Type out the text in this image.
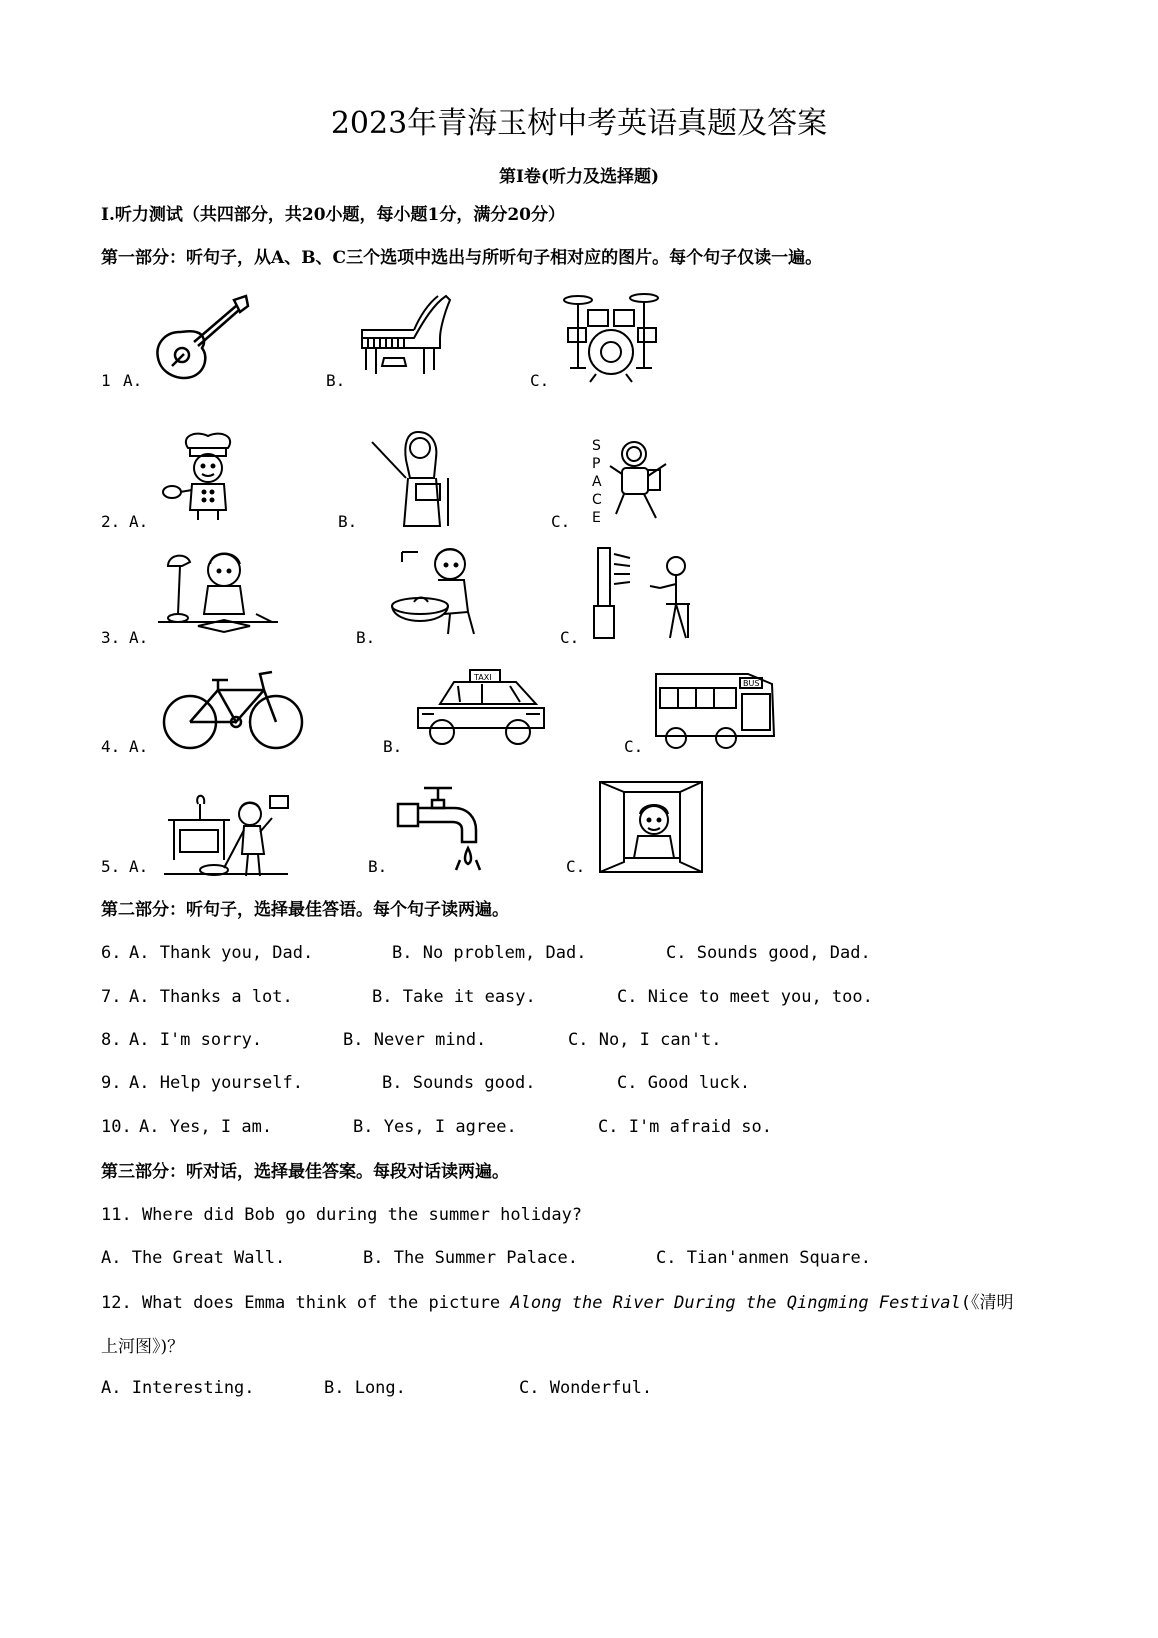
2023年青海玉树中考英语真题及答案
第Ⅰ卷(听力及选择题)
I.听力测试（共四部分，共20小题，每小题1分，满分20分）
第一部分：听句子，从A、B、C三个选项中选出与所听句子相对应的图片。每个句子仅读一遍。
1 A.	B.	C.
2. A.	B.	C.
S
P
A
C
E
3. A.	B.	C.
4. A.	B.	C.
TAXI
BUS
5. A.	B.	C.
第二部分：听句子，选择最佳答语。每个句子读两遍。
6. A. Thank you, Dad.	B. No problem, Dad.	C. Sounds good, Dad.
7. A. Thanks a lot.	B. Take it easy.	C. Nice to meet you, too.
8. A. I'm sorry.	B. Never mind.	C. No, I can't.
9. A. Help yourself.	B. Sounds good.	C. Good luck.
10. A. Yes, I am.	B. Yes, I agree.	C. I'm afraid so.
第三部分：听对话，选择最佳答案。每段对话读两遍。
11. Where did Bob go during the summer holiday?
A. The Great Wall.	B. The Summer Palace.	C. Tian'anmen Square.
12. What does Emma think of the picture Along the River During the Qingming Festival(《清明
上河图》)？
A. Interesting.	B. Long.	C. Wonderful.
